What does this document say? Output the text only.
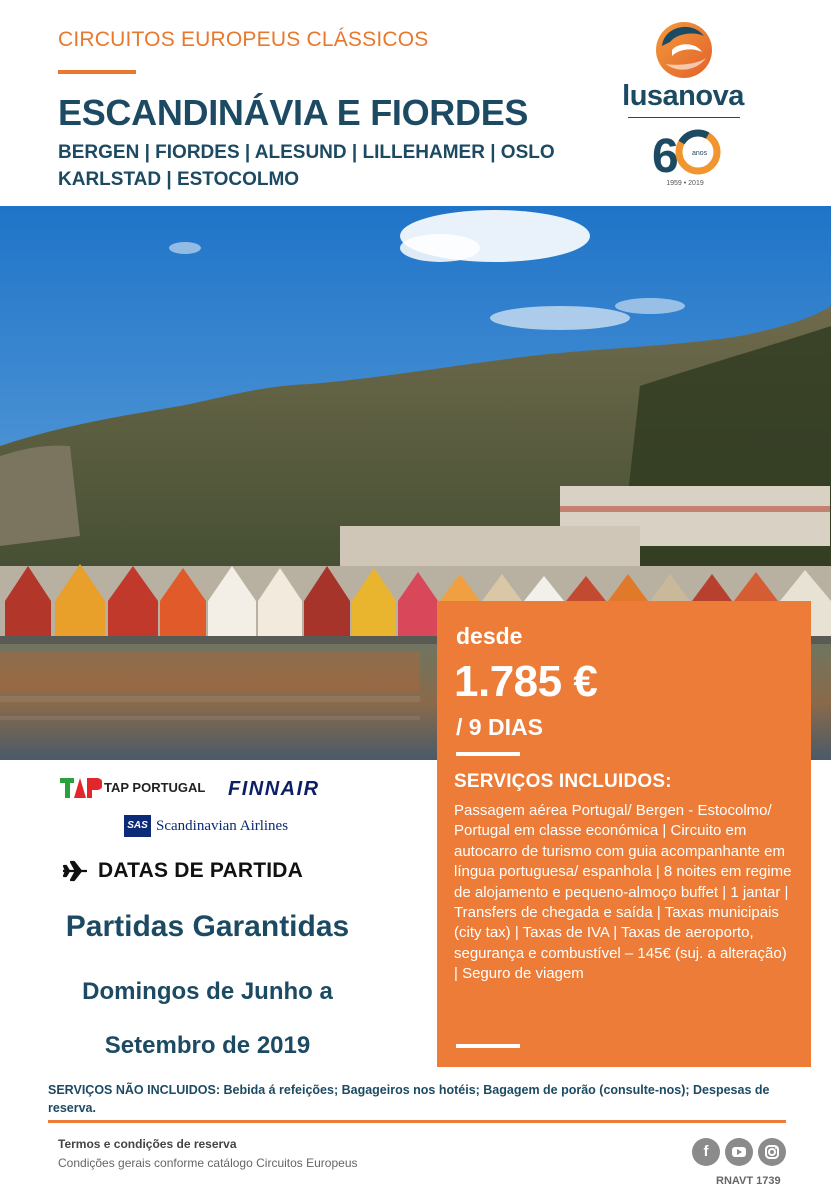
CIRCUITOS EUROPEUS CLÁSSICOS
ESCANDINÁVIA E FIORDES
BERGEN | FIORDES | ALESUND | LILLEHAMER | OSLO
KARLSTAD | ESTOCOLMO
lusanova
6 anos
1959 • 2019
desde
1.785 €
/ 9 DIAS
SERVIÇOS INCLUIDOS:
Passagem aérea Portugal/ Bergen - Estocolmo/ Portugal em classe económica | Circuito em autocarro de turismo com guia acompanhante em língua portuguesa/ espanhola | 8 noites em regime de alojamento e pequeno-almoço buffet | 1 jantar | Transfers de chegada e saída | Taxas municipais (city tax) | Taxas de IVA | Taxas de aeroporto, segurança e combustível – 145€ (suj. a alteração) | Seguro de viagem
TAP PORTUGAL FINNAIR
SAS Scandinavian Airlines
DATAS DE PARTIDA
Partidas Garantidas
Domingos de Junho a
Setembro de 2019
SERVIÇOS NÃO INCLUIDOS: Bebida á refeições; Bagageiros nos hotéis; Bagagem de porão (consulte-nos); Despesas de reserva.
Termos e condições de reserva
Condições gerais conforme catálogo Circuitos Europeus
f
RNAVT 1739
